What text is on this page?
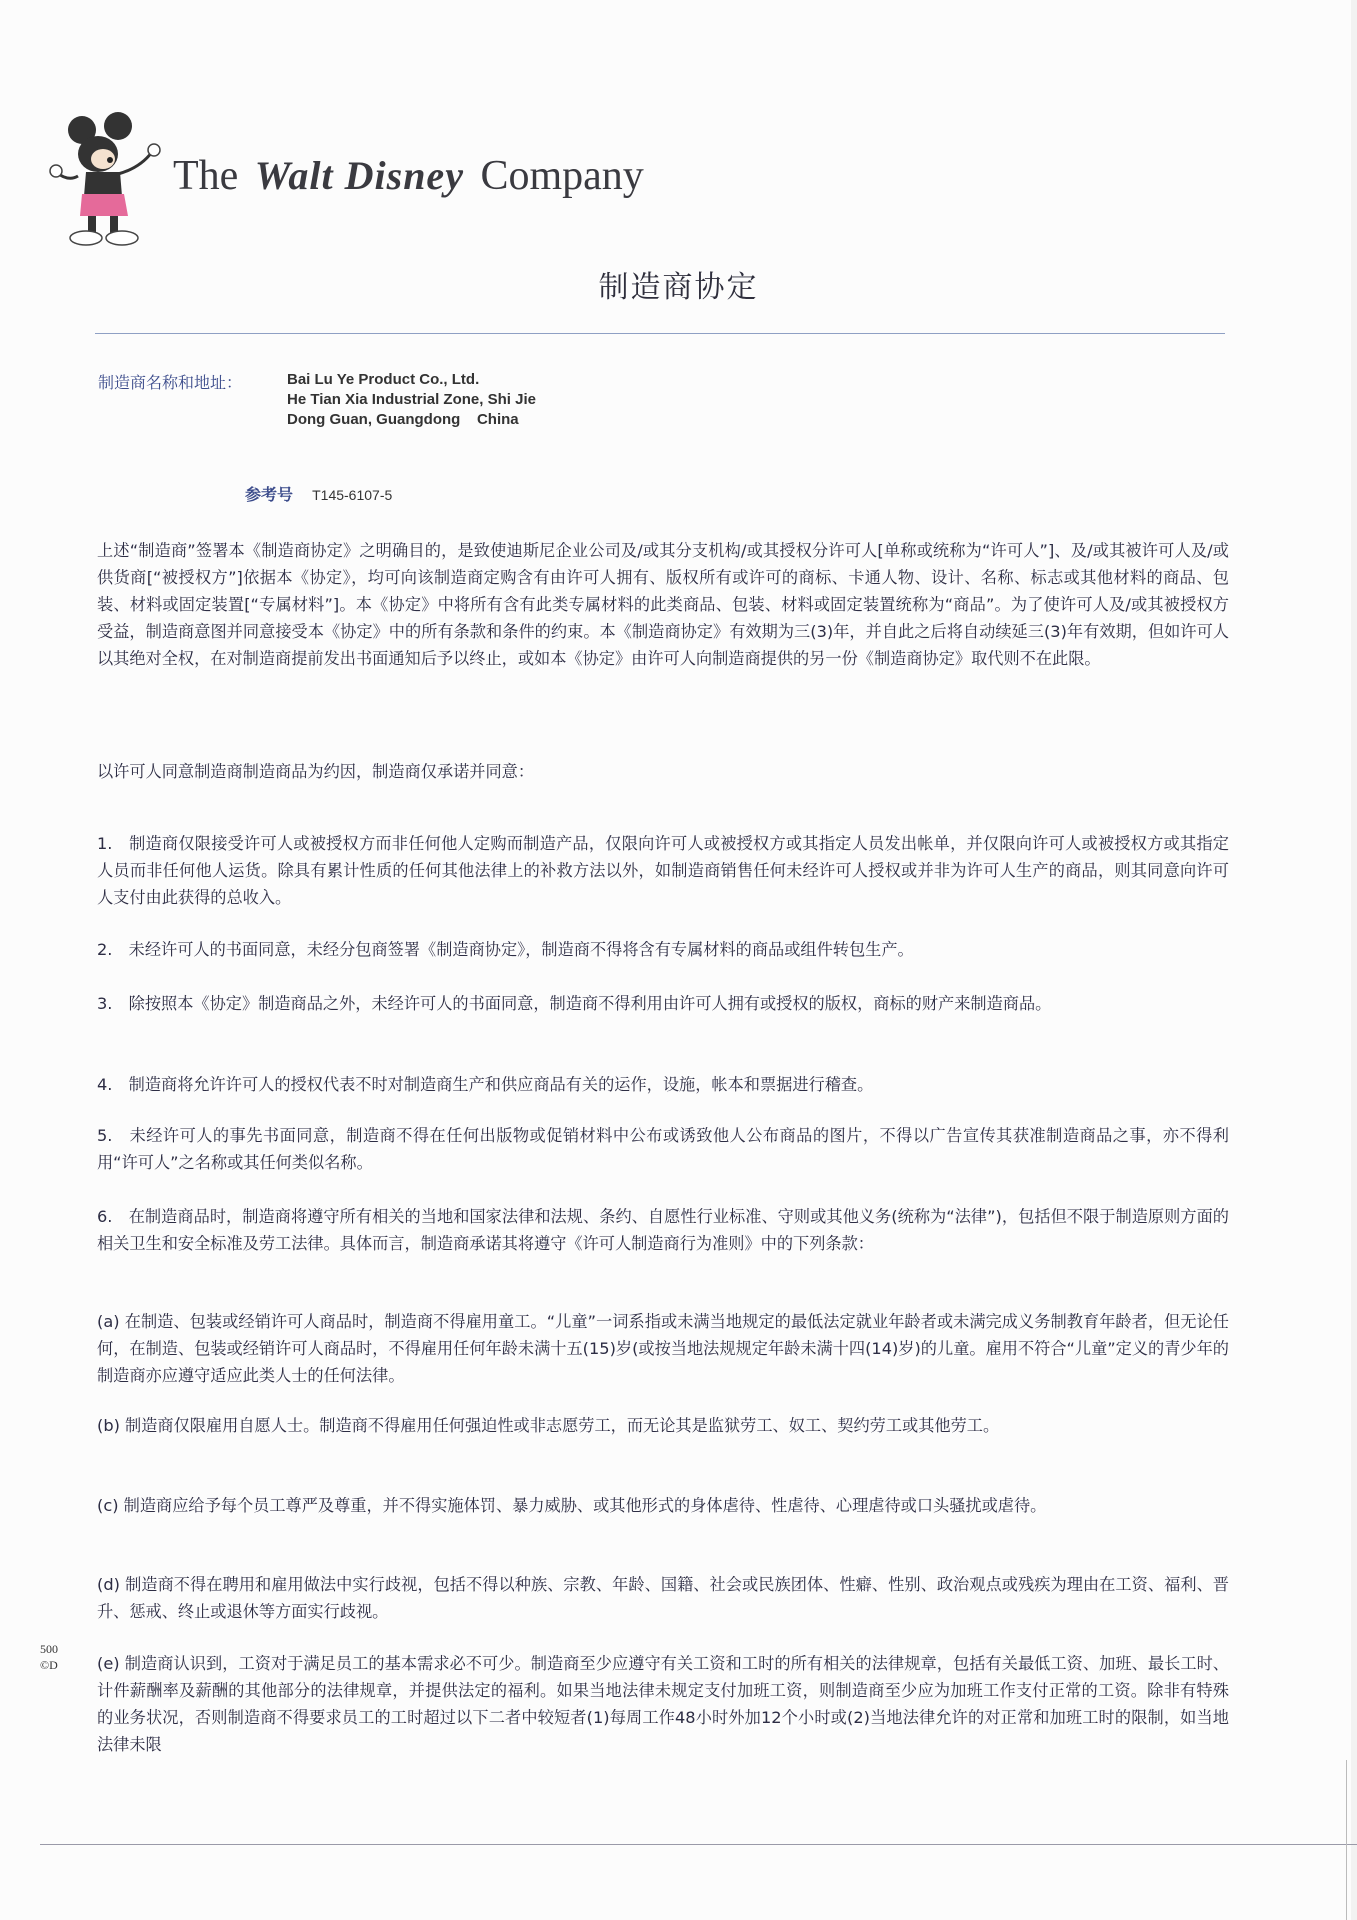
The Walt Disney Company
制造商协定
制造商名称和地址：	Bai Lu Ye Product Co., Ltd.
He Tian Xia Industrial Zone, Shi Jie
Dong Guan, Guangdong    China
参考号 T145-6107-5
上述“制造商”签署本《制造商协定》之明确目的，是致使迪斯尼企业公司及/或其分支机构/或其授权分许可人[单称或统称为“许可人”]、及/或其被许可人及/或供货商[“被授权方”]依据本《协定》，均可向该制造商定购含有由许可人拥有、版权所有或许可的商标、卡通人物、设计、名称、标志或其他材料的商品、包装、材料或固定装置[“专属材料”]。本《协定》中将所有含有此类专属材料的此类商品、包装、材料或固定装置统称为“商品”。为了使许可人及/或其被授权方受益，制造商意图并同意接受本《协定》中的所有条款和条件的约束。本《制造商协定》有效期为三(3)年，并自此之后将自动续延三(3)年有效期，但如许可人以其绝对全权，在对制造商提前发出书面通知后予以终止，或如本《协定》由许可人向制造商提供的另一份《制造商协定》取代则不在此限。
以许可人同意制造商制造商品为约因，制造商仅承诺并同意：
1.　制造商仅限接受许可人或被授权方而非任何他人定购而制造产品，仅限向许可人或被授权方或其指定人员发出帐单，并仅限向许可人或被授权方或其指定人员而非任何他人运货。除具有累计性质的任何其他法律上的补救方法以外，如制造商销售任何未经许可人授权或并非为许可人生产的商品，则其同意向许可人支付由此获得的总收入。
2.　未经许可人的书面同意，未经分包商签署《制造商协定》，制造商不得将含有专属材料的商品或组件转包生产。
3.　除按照本《协定》制造商品之外，未经许可人的书面同意，制造商不得利用由许可人拥有或授权的版权，商标的财产来制造商品。
4.　制造商将允许许可人的授权代表不时对制造商生产和供应商品有关的运作，设施，帐本和票据进行稽查。
5.　未经许可人的事先书面同意，制造商不得在任何出版物或促销材料中公布或诱致他人公布商品的图片，不得以广告宣传其获准制造商品之事，亦不得利用“许可人”之名称或其任何类似名称。
6.　在制造商品时，制造商将遵守所有相关的当地和国家法律和法规、条约、自愿性行业标准、守则或其他义务(统称为“法律”)，包括但不限于制造原则方面的相关卫生和安全标准及劳工法律。具体而言，制造商承诺其将遵守《许可人制造商行为准则》中的下列条款：
(a) 在制造、包装或经销许可人商品时，制造商不得雇用童工。“儿童”一词系指或未满当地规定的最低法定就业年龄者或未满完成义务制教育年龄者，但无论任何，在制造、包装或经销许可人商品时，不得雇用任何年龄未满十五(15)岁(或按当地法规规定年龄未满十四(14)岁)的儿童。雇用不符合“儿童”定义的青少年的制造商亦应遵守适应此类人士的任何法律。
(b) 制造商仅限雇用自愿人士。制造商不得雇用任何强迫性或非志愿劳工，而无论其是监狱劳工、奴工、契约劳工或其他劳工。
(c) 制造商应给予每个员工尊严及尊重，并不得实施体罚、暴力威胁、或其他形式的身体虐待、性虐待、心理虐待或口头骚扰或虐待。
(d) 制造商不得在聘用和雇用做法中实行歧视，包括不得以种族、宗教、年龄、国籍、社会或民族团体、性癖、性别、政治观点或残疾为理由在工资、福利、晋升、惩戒、终止或退休等方面实行歧视。
(e) 制造商认识到，工资对于满足员工的基本需求必不可少。制造商至少应遵守有关工资和工时的所有相关的法律规章，包括有关最低工资、加班、最长工时、计件薪酬率及薪酬的其他部分的法律规章，并提供法定的福利。如果当地法律未规定支付加班工资，则制造商至少应为加班工作支付正常的工资。除非有特殊的业务状况，否则制造商不得要求员工的工时超过以下二者中较短者(1)每周工作48小时外加12个小时或(2)当地法律允许的对正常和加班工时的限制，如当地法律未限
500
©D
